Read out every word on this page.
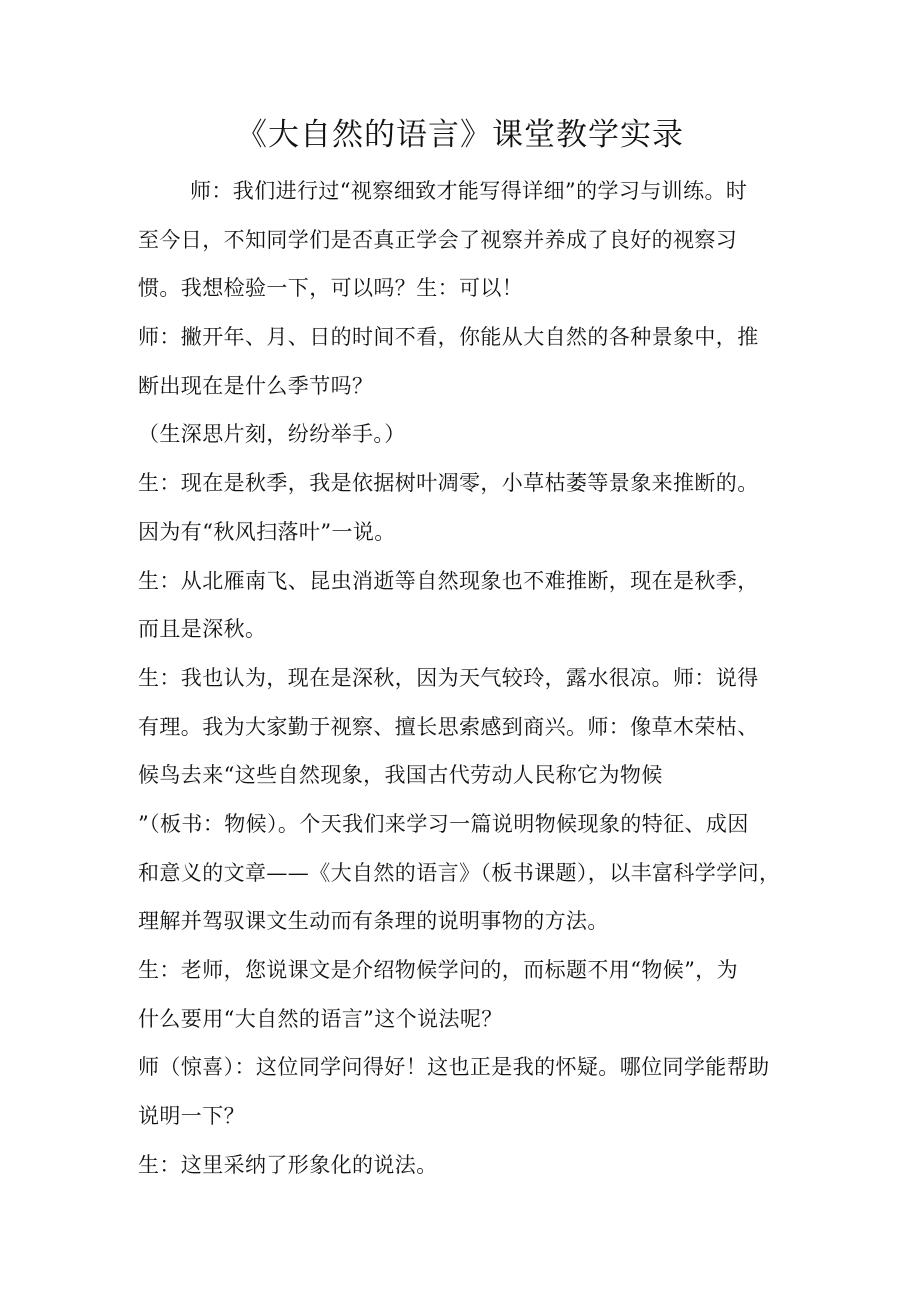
《大自然的语言》课堂教学实录
师：我们进行过“视察细致才能写得详细”的学习与训练。时
至今日，不知同学们是否真正学会了视察并养成了良好的视察习
惯。我想检验一下，可以吗？生：可以！
师：撇开年、月、日的时间不看，你能从大自然的各种景象中，推
断出现在是什么季节吗？
（生深思片刻，纷纷举手。）
生：现在是秋季，我是依据树叶凋零，小草枯萎等景象来推断的。
因为有“秋风扫落叶”一说。
生：从北雁南飞、昆虫消逝等自然现象也不难推断，现在是秋季，
而且是深秋。
生：我也认为，现在是深秋，因为天气较玲，露水很凉。师：说得
有理。我为大家勤于视察、擅长思索感到商兴。师：像草木荣枯、
候鸟去来“这些自然现象，我国古代劳动人民称它为物候
”（板书：物候）。个天我们来学习一篇说明物候现象的特征、成因
和意义的文章——《大自然的语言》（板书课题），以丰富科学学问，
理解并驾驭课文生动而有条理的说明事物的方法。
生：老师，您说课文是介绍物候学问的，而标题不用“物候”，为
什么要用“大自然的语言”这个说法呢？
师（惊喜）：这位同学问得好！这也正是我的怀疑。哪位同学能帮助
说明一下？
生：这里采纳了形象化的说法。
